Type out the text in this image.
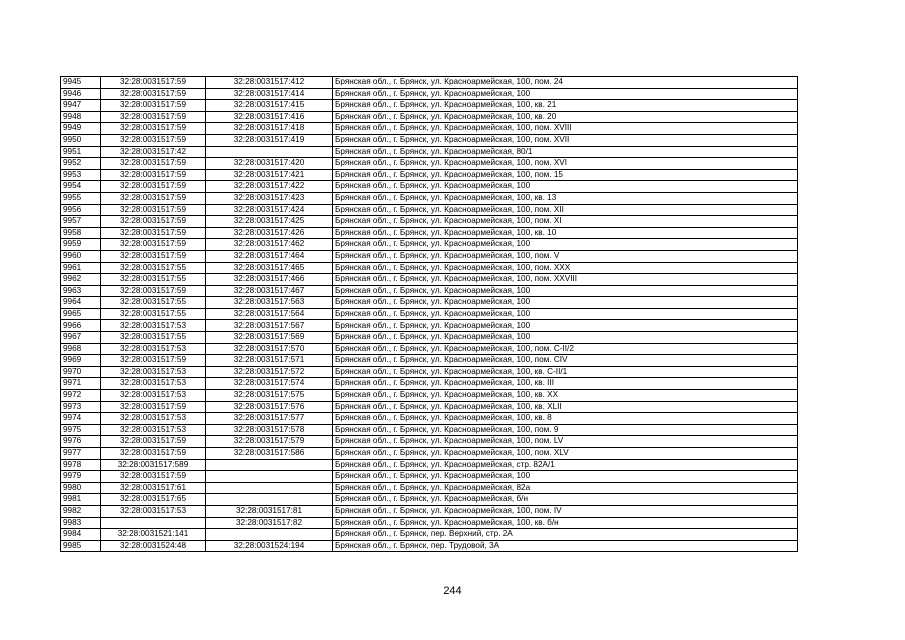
9945	32:28:0031517:59	32:28:0031517:412	Брянская обл., г. Брянск, ул. Красноармейская, 100, пом. 24
9946	32:28:0031517:59	32:28:0031517:414	Брянская обл., г. Брянск, ул. Красноармейская, 100
9947	32:28:0031517:59	32:28:0031517:415	Брянская обл., г. Брянск, ул. Красноармейская, 100, кв. 21
9948	32:28:0031517:59	32:28:0031517:416	Брянская обл., г. Брянск, ул. Красноармейская, 100, кв. 20
9949	32:28:0031517:59	32:28:0031517:418	Брянская обл., г. Брянск, ул. Красноармейская, 100, пом. XVIII
9950	32:28:0031517:59	32:28:0031517:419	Брянская обл., г. Брянск, ул. Красноармейская, 100, пом. XVII
9951	32:28:0031517:42		Брянская обл., г. Брянск, ул. Красноармейская, 80/1
9952	32:28:0031517:59	32:28:0031517:420	Брянская обл., г. Брянск, ул. Красноармейская, 100, пом. XVI
9953	32:28:0031517:59	32:28:0031517:421	Брянская обл., г. Брянск, ул. Красноармейская, 100, пом. 15
9954	32:28:0031517:59	32:28:0031517:422	Брянская обл., г. Брянск, ул. Красноармейская, 100
9955	32:28:0031517:59	32:28:0031517:423	Брянская обл., г. Брянск, ул. Красноармейская, 100, кв. 13
9956	32:28:0031517:59	32:28:0031517:424	Брянская обл., г. Брянск, ул. Красноармейская, 100, пом. XII
9957	32:28:0031517:59	32:28:0031517:425	Брянская обл., г. Брянск, ул. Красноармейская, 100, пом. XI
9958	32:28:0031517:59	32:28:0031517:426	Брянская обл., г. Брянск, ул. Красноармейская, 100, кв. 10
9959	32:28:0031517:59	32:28:0031517:462	Брянская обл., г. Брянск, ул. Красноармейская, 100
9960	32:28:0031517:59	32:28:0031517:464	Брянская обл., г. Брянск, ул. Красноармейская, 100, пом. V
9961	32:28:0031517:55	32:28:0031517:465	Брянская обл., г. Брянск, ул. Красноармейская, 100, пом. XXX
9962	32:28:0031517:55	32:28:0031517:466	Брянская обл., г. Брянск, ул. Красноармейская, 100, пом. XXVIII
9963	32:28:0031517:59	32:28:0031517:467	Брянская обл., г. Брянск, ул. Красноармейская, 100
9964	32:28:0031517:55	32:28:0031517:563	Брянская обл., г. Брянск, ул. Красноармейская, 100
9965	32:28:0031517:55	32:28:0031517:564	Брянская обл., г. Брянск, ул. Красноармейская, 100
9966	32:28:0031517:53	32:28:0031517:567	Брянская обл., г. Брянск, ул. Красноармейская, 100
9967	32:28:0031517:55	32:28:0031517:569	Брянская обл., г. Брянск, ул. Красноармейская, 100
9968	32:28:0031517:53	32:28:0031517:570	Брянская обл., г. Брянск, ул. Красноармейская, 100, пом. С-II/2
9969	32:28:0031517:59	32:28:0031517:571	Брянская обл., г. Брянск, ул. Красноармейская, 100, пом. CIV
9970	32:28:0031517:53	32:28:0031517:572	Брянская обл., г. Брянск, ул. Красноармейская, 100, кв. С-II/1
9971	32:28:0031517:53	32:28:0031517:574	Брянская обл., г. Брянск, ул. Красноармейская, 100, кв. III
9972	32:28:0031517:53	32:28:0031517:575	Брянская обл., г. Брянск, ул. Красноармейская, 100, кв. XX
9973	32:28:0031517:59	32:28:0031517:576	Брянская обл., г. Брянск, ул. Красноармейская, 100, кв. XLII
9974	32:28:0031517:53	32:28:0031517:577	Брянская обл., г. Брянск, ул. Красноармейская, 100, кв. 8
9975	32:28:0031517:53	32:28:0031517:578	Брянская обл., г. Брянск, ул. Красноармейская, 100, пом. 9
9976	32:28:0031517:59	32:28:0031517:579	Брянская обл., г. Брянск, ул. Красноармейская, 100, пом. LV
9977	32:28:0031517:59	32:28:0031517:586	Брянская обл., г. Брянск, ул. Красноармейская, 100, пом. XLV
9978	32:28:0031517:589		Брянская обл., г. Брянск, ул. Красноармейская, стр. 82А/1
9979	32:28:0031517:59		Брянская обл., г. Брянск, ул. Красноармейская, 100
9980	32:28:0031517:61		Брянская обл., г. Брянск, ул. Красноармейская, 82а
9981	32:28:0031517:65		Брянская обл., г. Брянск, ул. Красноармейская, б/н
9982	32:28:0031517:53	32:28:0031517:81	Брянская обл., г. Брянск, ул. Красноармейская, 100, пом. IV
9983		32:28:0031517:82	Брянская обл., г. Брянск, ул. Красноармейская, 100, кв. б/н
9984	32:28:0031521:141		Брянская обл., г. Брянск, пер. Верхний, стр. 2А
9985	32:28:0031524:48	32:28:0031524:194	Брянская обл., г. Брянск, пер. Трудовой, 3А
244
